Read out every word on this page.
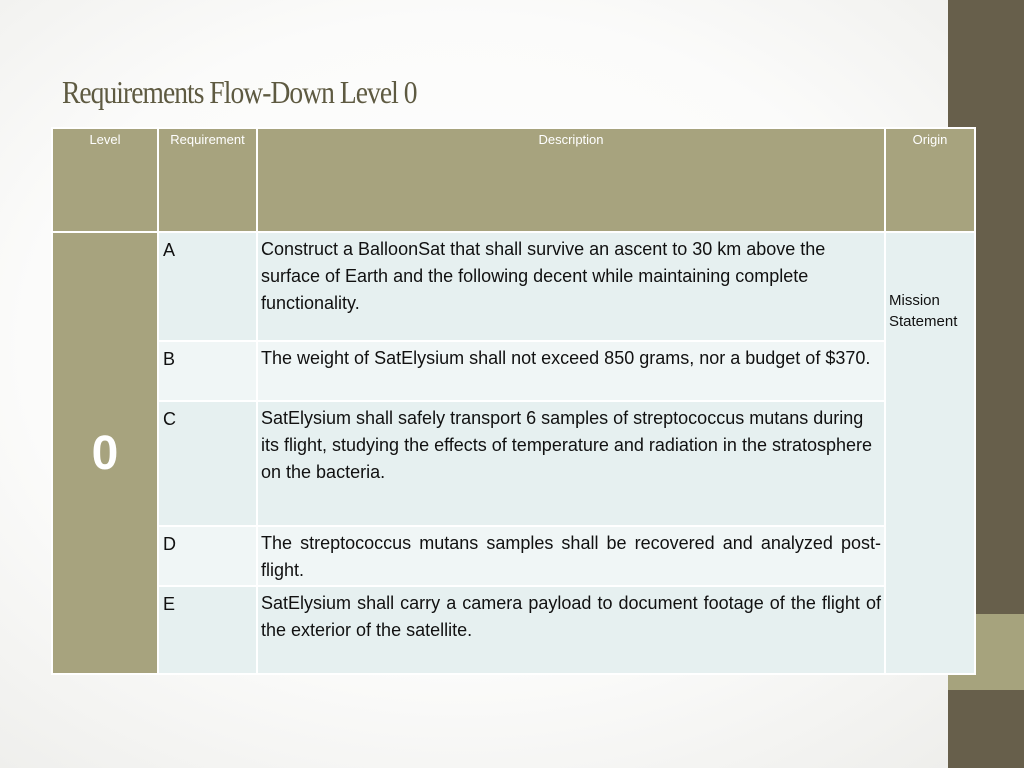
Requirements Flow-Down Level 0
Level	Requirement	Description	Origin
0	A	Construct a BalloonSat that shall survive an ascent to 30 km above the surface of Earth and the following decent while maintaining complete functionality.	Mission Statement

	B	The weight of SatElysium shall not exceed 850 grams, nor a budget of $370.	
	C	SatElysium shall safely transport 6 samples of streptococcus mutans during its flight, studying the effects of temperature and radiation in the stratosphere on the bacteria.	
	D	The streptococcus mutans samples shall be recovered and analyzed post-flight.	
	E	SatElysium shall carry a camera payload to document footage of the flight of the exterior of the satellite.	
